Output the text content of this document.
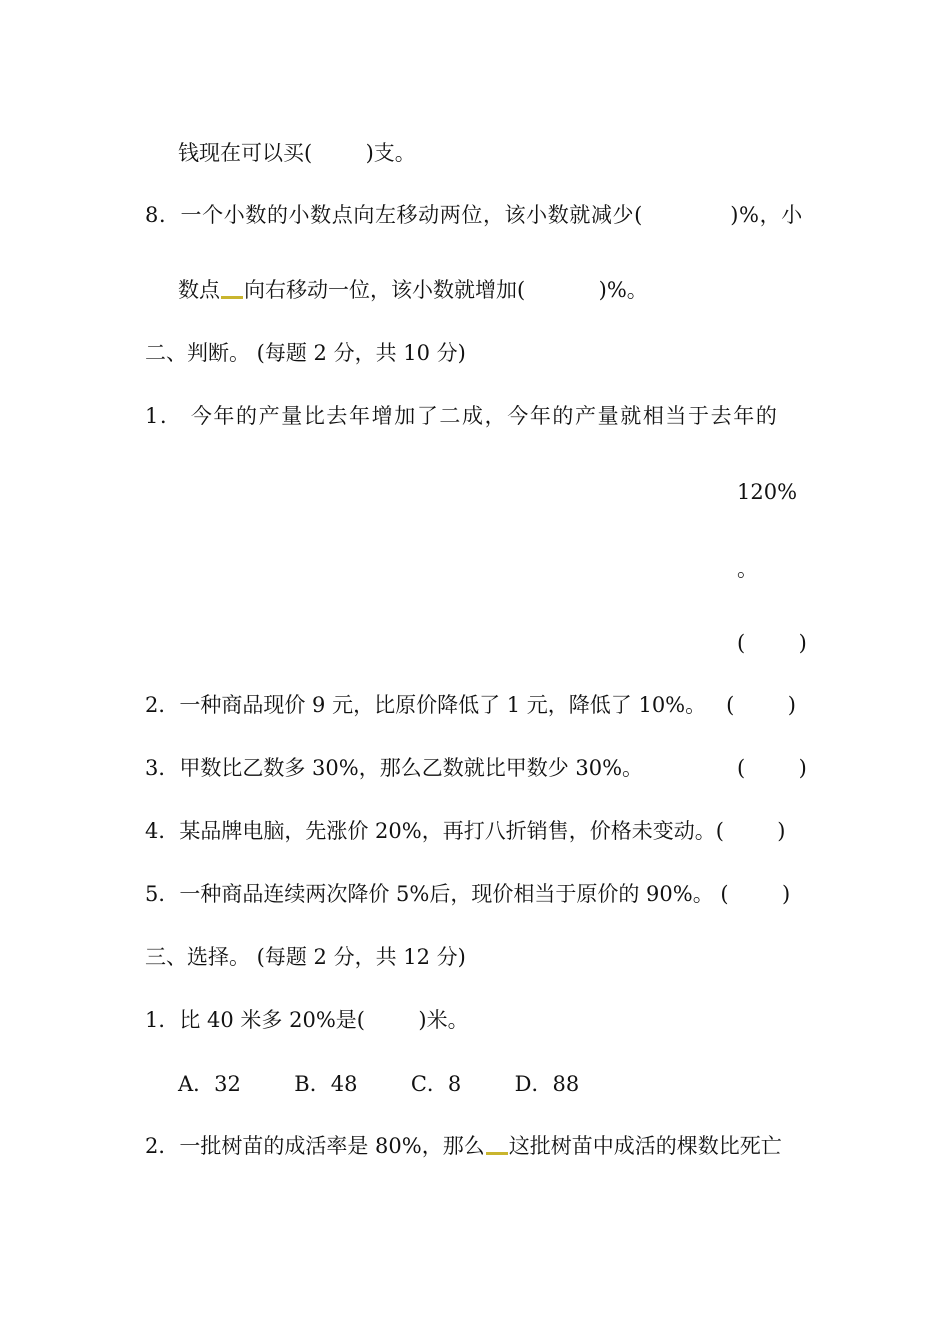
钱现在可以买(        )支。
8．一个小数的小数点向左移动两位，该小数就减少(            )%，小
数点 向右移动一位，该小数就增加(           )%。
二、判断。 (每题 2 分，共 10 分)
1． 今年的产量比去年增加了二成，今年的产量就相当于去年的
120%
。
(        )
2．一种商品现价 9 元，比原价降低了 1 元，降低了 10%。   (        )
3．甲数比乙数多 30%，那么乙数就比甲数少 30%。	(        )
4．某品牌电脑，先涨价 20%，再打八折销售，价格未变动。(        )
5．一种商品连续两次降价 5%后，现价相当于原价的 90%。 (        )
三、选择。 (每题 2 分，共 12 分)
1．比 40 米多 20%是(        )米。
A．32        B．48        C．8        D．88
2．一批树苗的成活率是 80%，那么 这批树苗中成活的棵数比死亡
